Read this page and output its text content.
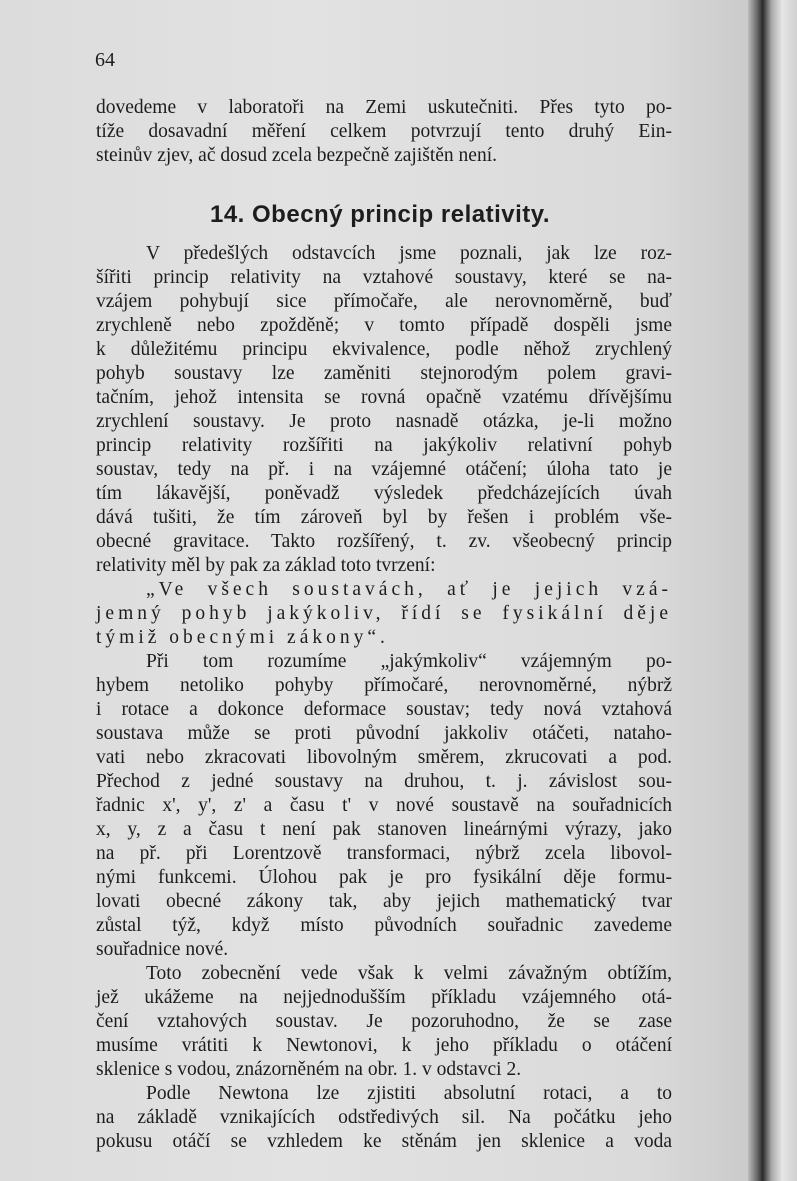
64
dovedeme v laboratoři na Zemi uskutečniti. Přes tyto po-
tíže dosavadní měření celkem potvrzují tento druhý Ein-
steinův zjev, ač dosud zcela bezpečně zajištěn není.
14. Obecný princip relativity.
V předešlých odstavcích jsme poznali, jak lze roz-
šířiti princip relativity na vztahové soustavy, které se na-
vzájem pohybují sice přímočaře, ale nerovnoměrně, buď
zrychleně nebo zpožděně; v tomto případě dospěli jsme
k důležitému principu ekvivalence, podle něhož zrychlený
pohyb soustavy lze zaměniti stejnorodým polem gravi-
tačním, jehož intensita se rovná opačně vzatému dřívějšímu
zrychlení soustavy. Je proto nasnadě otázka, je-li možno
princip relativity rozšířiti na jakýkoliv relativní pohyb
soustav, tedy na př. i na vzájemné otáčení; úloha tato je
tím lákavější, poněvadž výsledek předcházejících úvah
dává tušiti, že tím zároveň byl by řešen i problém vše-
obecné gravitace. Takto rozšířený, t. zv. všeobecný princip
relativity měl by pak za základ toto tvrzení:
„Ve všech soustavách, ať je jejich vzá-
jemný pohyb jakýkoliv, řídí se fysikální děje
týmiž obecnými zákony“.
Při tom rozumíme „jakýmkoliv“ vzájemným po-
hybem netoliko pohyby přímočaré, nerovnoměrné, nýbrž
i rotace a dokonce deformace soustav; tedy nová vztahová
soustava může se proti původní jakkoliv otáčeti, nataho-
vati nebo zkracovati libovolným směrem, zkrucovati a pod.
Přechod z jedné soustavy na druhou, t. j. závislost sou-
řadnic x', y', z' a času t' v nové soustavě na souřadnicích
x, y, z a času t není pak stanoven lineárnými výrazy, jako
na př. při Lorentzově transformaci, nýbrž zcela libovol-
nými funkcemi. Úlohou pak je pro fysikální děje formu-
lovati obecné zákony tak, aby jejich mathematický tvar
zůstal týž, když místo původních souřadnic zavedeme
souřadnice nové.
Toto zobecnění vede však k velmi závažným obtížím,
jež ukážeme na nejjednodušším příkladu vzájemného otá-
čení vztahových soustav. Je pozoruhodno, že se zase
musíme vrátiti k Newtonovi, k jeho příkladu o otáčení
sklenice s vodou, znázorněném na obr. 1. v odstavci 2.
Podle Newtona lze zjistiti absolutní rotaci, a to
na základě vznikajících odstředivých sil. Na počátku jeho
pokusu otáčí se vzhledem ke stěnám jen sklenice a voda
